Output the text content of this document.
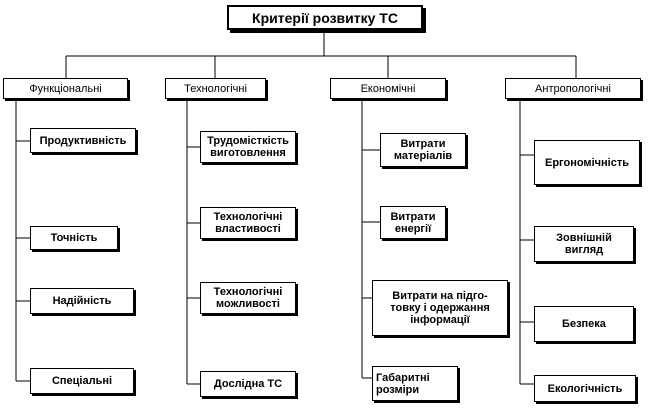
Критерії розвитку ТС
Функціональні	Технологічні	Економічні	Антропологічні
Продуктивність
Точність
Надійність
Спеціальні
Трудомісткість
виготовлення
Технологічні
властивості
Технологічні
можливості
Дослідна ТС
Витрати
матеріалів
Витрати
енергії
Витрати на підго-
товку і одержання
інформації
Габаритні
розміри
Ергономічність
Зовнішній
вигляд
Безпека
Екологічність
